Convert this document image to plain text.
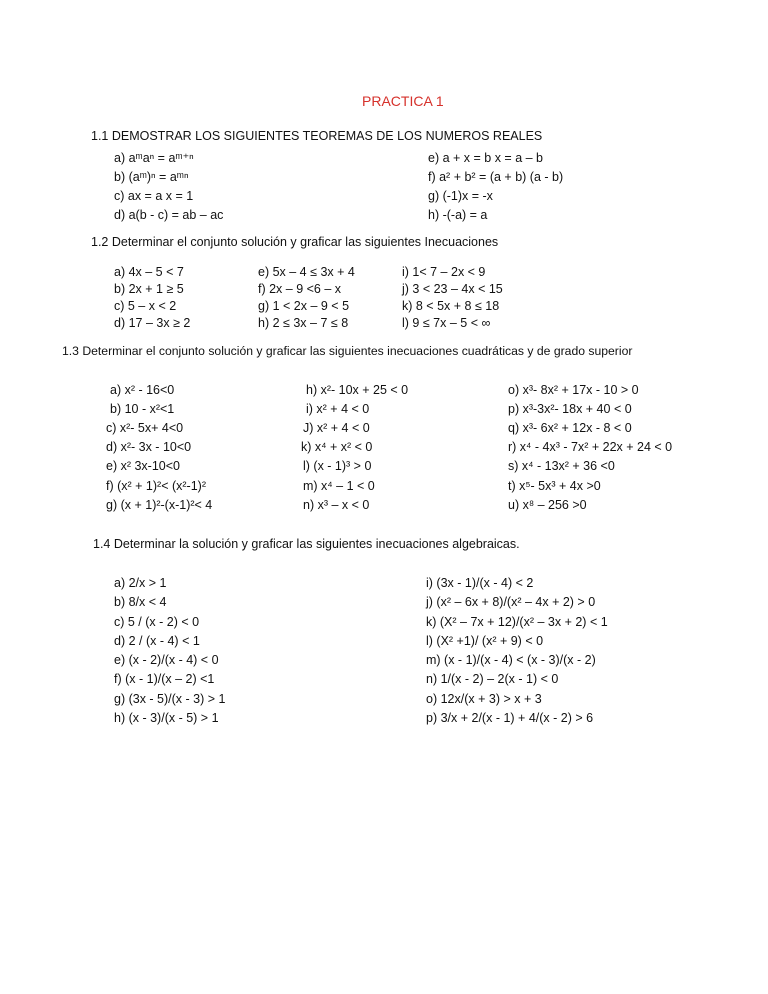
PRACTICA 1
1.1 DEMOSTRAR LOS SIGUIENTES TEOREMAS DE LOS NUMEROS REALES
a) aᵐaⁿ = aᵐ⁺ⁿ
b) (aᵐ)ⁿ = aᵐⁿ
c) ax = a x = 1
d) a(b - c) = ab – ac
e) a + x = b x = a – b
f) a² + b² = (a + b) (a - b)
g) (-1)x = -x
h) -(-a) = a
1.2 Determinar el conjunto solución y graficar las siguientes Inecuaciones
a) 4x – 5 < 7
b) 2x + 1 ≥ 5
c) 5 – x < 2
d) 17 – 3x ≥ 2
e) 5x – 4 ≤ 3x + 4
f) 2x – 9 <6 – x
g) 1 < 2x – 9 < 5
h) 2 ≤ 3x – 7 ≤ 8
i) 1< 7 – 2x < 9
j) 3 < 23 – 4x < 15
k) 8 < 5x + 8 ≤ 18
l) 9 ≤ 7x – 5 < ∞
1.3 Determinar el conjunto solución y graficar las siguientes inecuaciones cuadráticas y de grado superior
a) x² - 16<0
b) 10 - x²<1
c) x²- 5x+ 4<0
d) x²- 3x - 10<0
e) x² 3x-10<0
f) (x² + 1)²< (x²-1)²
g) (x + 1)²-(x-1)²< 4
h) x²- 10x + 25 < 0
i) x² + 4 < 0
J) x² + 4 < 0
k) x⁴ + x² < 0
l) (x - 1)³ > 0
m) x⁴ – 1 < 0
n) x³ – x < 0
o) x³- 8x² + 17x - 10 > 0
p) x³-3x²- 18x + 40 < 0
q) x³- 6x² + 12x - 8 < 0
r) x⁴ - 4x³ - 7x² + 22x + 24 < 0
s) x⁴ - 13x² + 36 <0
t) x⁵- 5x³ + 4x >0
u) x⁸ – 256 >0
1.4 Determinar la solución y graficar las siguientes inecuaciones algebraicas.
a) 2/x > 1
b) 8/x < 4
c) 5 / (x - 2) < 0
d) 2 / (x - 4) < 1
e) (x - 2)/(x - 4) < 0
f) (x - 1)/(x – 2) <1
g) (3x - 5)/(x - 3) > 1
h) (x - 3)/(x - 5) > 1
i) (3x - 1)/(x - 4) < 2
j) (x² – 6x + 8)/(x² – 4x + 2) > 0
k) (X² – 7x + 12)/(x² – 3x + 2) < 1
l) (X² +1)/ (x² + 9) < 0
m) (x - 1)/(x - 4) < (x - 3)/(x - 2)
n) 1/(x - 2) – 2(x - 1) < 0
o) 12x/(x + 3) > x + 3
p) 3/x + 2/(x - 1) + 4/(x - 2) > 6
